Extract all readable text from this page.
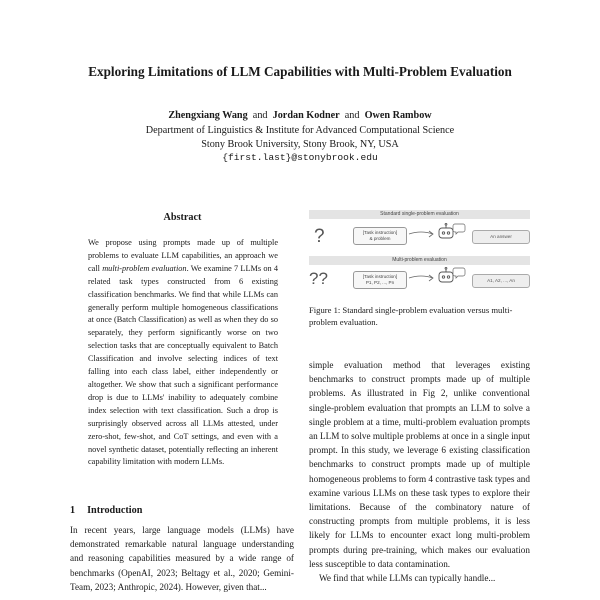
Exploring Limitations of LLM Capabilities with Multi-Problem Evaluation
Zhengxiang Wang and Jordan Kodner and Owen Rambow
Department of Linguistics & Institute for Advanced Computational Science
Stony Brook University, Stony Brook, NY, USA
{first.last}@stonybrook.edu
Abstract
We propose using prompts made up of multiple problems to evaluate LLM capabilities, an approach we call multi-problem evaluation. We examine 7 LLMs on 4 related task types constructed from 6 existing classification benchmarks. We find that while LLMs can generally perform multiple homogeneous classifications at once (Batch Classification) as well as when they do so separately, they perform significantly worse on two selection tasks that are conceptually equivalent to Batch Classification and involve selecting indices of text falling into each class label, either independently or altogether. We show that such a significant performance drop is due to LLMs' inability to adequately combine index selection with text classification. Such a drop is surprisingly observed across all LLMs attested, under zero-shot, few-shot, and CoT settings, and even with a novel synthetic dataset, potentially reflecting an inherent capability limitation with modern LLMs.
Standard single-problem evaluation
?	[Task instruction]
& problem	An answer
Multi-problem evaluation
??	[Task instruction]
P1, P2, ..., Pn	A1, A2, ..., An
Figure 1: Standard single-problem evaluation versus multi-problem evaluation.
simple evaluation method that leverages existing benchmarks to construct prompts made up of multiple problems. As illustrated in Fig 2, unlike conventional single-problem evaluation that prompts an LLM to solve a single problem at a time, multi-problem evaluation prompts an LLM to solve multiple problems at once in a single input prompt. In this study, we leverage 6 existing classification benchmarks to construct prompts made up of multiple homogeneous problems to form 4 contrastive task types and examine various LLMs on these task types to explore their limitations. Because of the combinatory nature of constructing prompts from multiple problems, it is less likely for LLMs to encounter exact long multi-problem prompts during pre-training, which makes our evaluation less susceptible to data contamination.
We find that while LLMs can typically handle...
1 Introduction
In recent years, large language models (LLMs) have demonstrated remarkable natural language understanding and reasoning capabilities measured by a wide range of benchmarks (OpenAI, 2023; Beltagy et al., 2020; Gemini-Team, 2023; Anthropic, 2024). However, given that...
